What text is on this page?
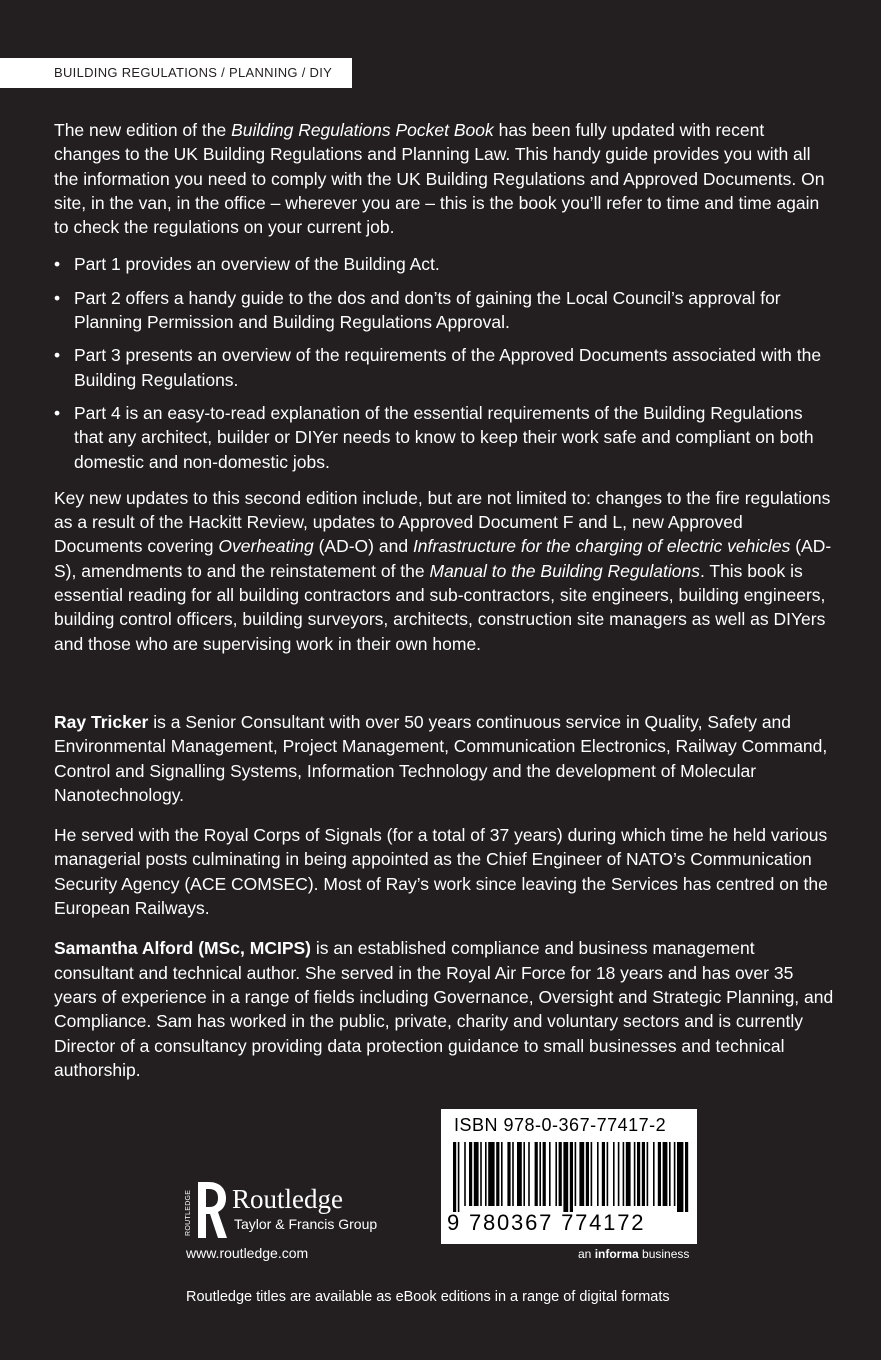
BUILDING REGULATIONS / PLANNING / DIY

The new edition of the Building Regulations Pocket Book has been fully updated with recent changes to the UK Building Regulations and Planning Law. This handy guide provides you with all the information you need to comply with the UK Building Regulations and Approved Documents. On site, in the van, in the office – wherever you are – this is the book you’ll refer to time and time again to check the regulations on your current job.

• Part 1 provides an overview of the Building Act.
• Part 2 offers a handy guide to the dos and don’ts of gaining the Local Council’s approval for Planning Permission and Building Regulations Approval.
• Part 3 presents an overview of the requirements of the Approved Documents associated with the Building Regulations.
• Part 4 is an easy-to-read explanation of the essential requirements of the Building Regulations that any architect, builder or DIYer needs to know to keep their work safe and compliant on both domestic and non-domestic jobs.

Key new updates to this second edition include, but are not limited to: changes to the fire regulations as a result of the Hackitt Review, updates to Approved Document F and L, new Approved Documents covering Overheating (AD-O) and Infrastructure for the charging of electric vehicles (AD-S), amendments to and the reinstatement of the Manual to the Building Regulations. This book is essential reading for all building contractors and sub-contractors, site engineers, building engineers, building control officers, building surveyors, architects, construction site managers as well as DIYers and those who are supervising work in their own home.

Ray Tricker is a Senior Consultant with over 50 years continuous service in Quality, Safety and Environmental Management, Project Management, Communication Electronics, Railway Command, Control and Signalling Systems, Information Technology and the development of Molecular Nanotechnology.

He served with the Royal Corps of Signals (for a total of 37 years) during which time he held various managerial posts culminating in being appointed as the Chief Engineer of NATO’s Communication Security Agency (ACE COMSEC). Most of Ray’s work since leaving the Services has centred on the European Railways.

Samantha Alford (MSc, MCIPS) is an established compliance and business management consultant and technical author. She served in the Royal Air Force for 18 years and has over 35 years of experience in a range of fields including Governance, Oversight and Strategic Planning, and Compliance. Sam has worked in the public, private, charity and voluntary sectors and is currently Director of a consultancy providing data protection guidance to small businesses and technical authorship.

ROUTLEDGE Routledge
Taylor & Francis Group
www.routledge.com
ISBN 978-0-367-77417-2
9 780367 774172
an informa business
Routledge titles are available as eBook editions in a range of digital formats
